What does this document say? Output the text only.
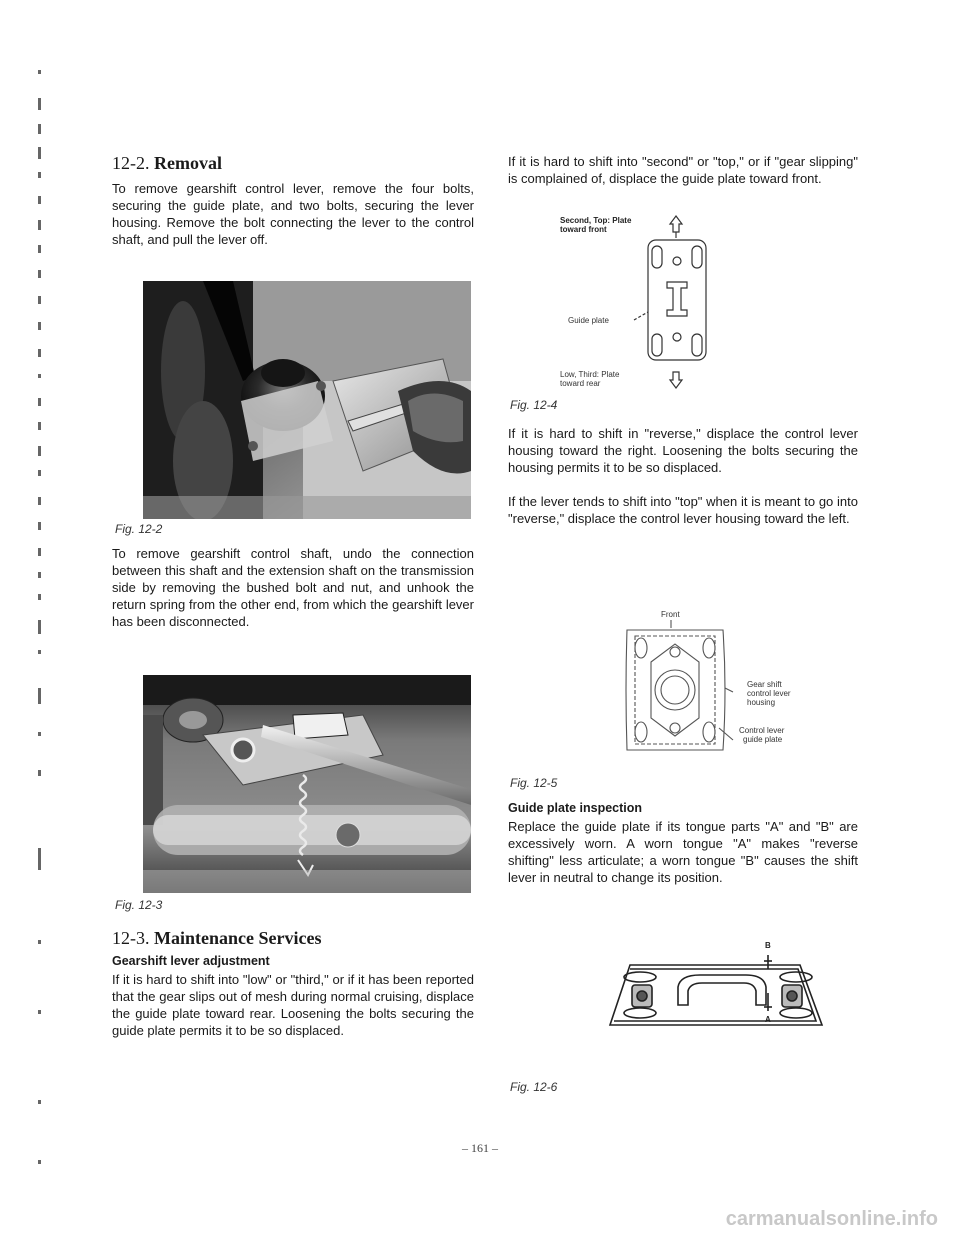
12-2. Removal

To remove gearshift control lever, remove the four bolts, securing the guide plate, and two bolts, securing the lever housing. Remove the bolt connecting the lever to the control shaft, and pull the lever off.

Fig. 12-2

To remove gearshift control shaft, undo the connection between this shaft and the extension shaft on the transmission side by removing the bushed bolt and nut, and unhook the return spring from the other end, from which the gearshift lever has been disconnected.

Fig. 12-3
12-3. Maintenance Services
Gearshift lever adjustment

If it is hard to shift into "low" or "third," or if it has been reported that the gear slips out of mesh during normal cruising, displace the guide plate toward rear. Loosening the bolts securing the guide plate permits it to be so displaced.

If it is hard to shift into "second" or "top," or if "gear slipping" is complained of, displace the guide plate toward front.

Second, Top: Plate
toward front
Guide plate
Low, Third: Plate
toward rear
Fig. 12-4

If it is hard to shift in "reverse," displace the control lever housing toward the right. Loosening the bolts securing the housing permits it to be so displaced.

If the lever tends to shift into "top" when it is meant to go into "reverse," displace the control lever housing toward the left.

Front
Gear shift
control lever
housing
Control lever
guide plate
Fig. 12-5
Guide plate inspection

Replace the guide plate if its tongue parts "A" and "B" are excessively worn. A worn tongue "A" makes "reverse shifting" less articulate; a worn tongue "B" causes the shift lever in neutral to change its position.

B
A
Fig. 12-6
– 161 –
carmanualsonline.info
